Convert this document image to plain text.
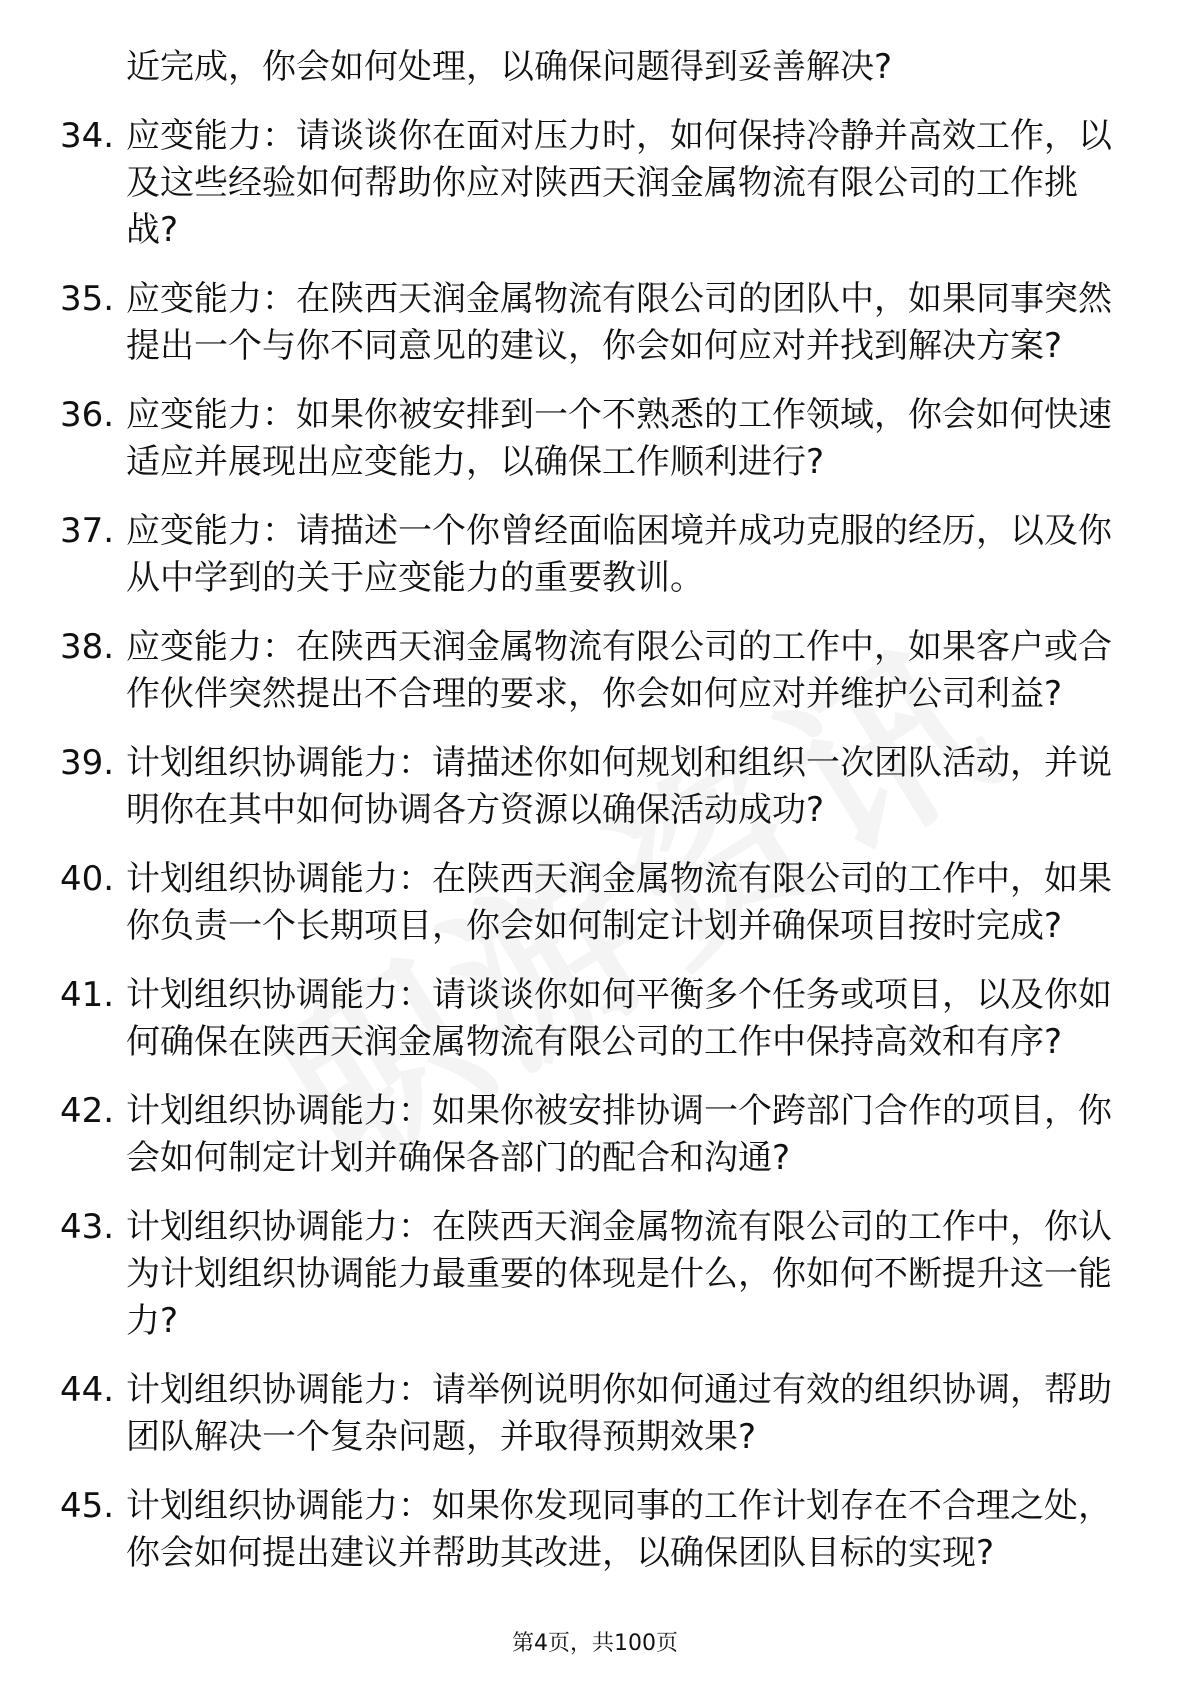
近完成，你会如何处理，以确保问题得到妥善解决?
34. 应变能力：请谈谈你在面对压力时，如何保持冷静并高效工作，以及这些经验如何帮助你应对陕西天润金属物流有限公司的工作挑战?
35. 应变能力：在陕西天润金属物流有限公司的团队中，如果同事突然提出一个与你不同意见的建议，你会如何应对并找到解决方案?
36. 应变能力：如果你被安排到一个不熟悉的工作领域，你会如何快速适应并展现出应变能力，以确保工作顺利进行?
37. 应变能力：请描述一个你曾经面临困境并成功克服的经历，以及你从中学到的关于应变能力的重要教训。
38. 应变能力：在陕西天润金属物流有限公司的工作中，如果客户或合作伙伴突然提出不合理的要求，你会如何应对并维护公司利益?
39. 计划组织协调能力：请描述你如何规划和组织一次团队活动，并说明你在其中如何协调各方资源以确保活动成功?
40. 计划组织协调能力：在陕西天润金属物流有限公司的工作中，如果你负责一个长期项目，你会如何制定计划并确保项目按时完成?
41. 计划组织协调能力：请谈谈你如何平衡多个任务或项目，以及你如何确保在陕西天润金属物流有限公司的工作中保持高效和有序?
42. 计划组织协调能力：如果你被安排协调一个跨部门合作的项目，你会如何制定计划并确保各部门的配合和沟通?
43. 计划组织协调能力：在陕西天润金属物流有限公司的工作中，你认为计划组织协调能力最重要的体现是什么，你如何不断提升这一能力?
44. 计划组织协调能力：请举例说明你如何通过有效的组织协调，帮助团队解决一个复杂问题，并取得预期效果?
45. 计划组织协调能力：如果你发现同事的工作计划存在不合理之处，你会如何提出建议并帮助其改进，以确保团队目标的实现?
第4页，共100页
